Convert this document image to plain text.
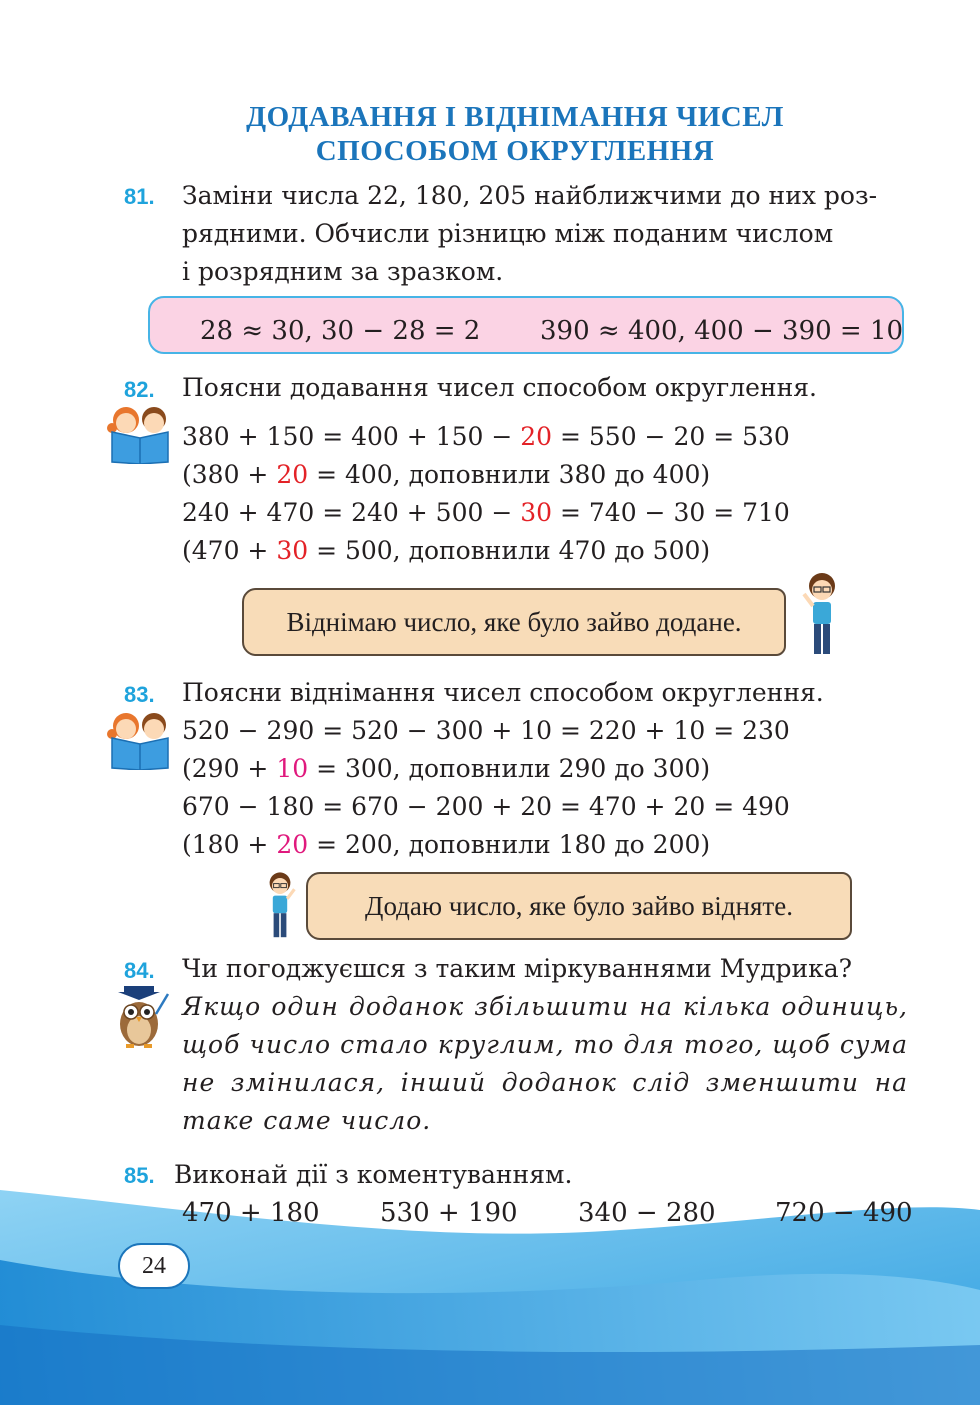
ДОДАВАННЯ І ВІДНІМАННЯ ЧИСЕЛ
СПОСОБОМ ОКРУГЛЕННЯ
81. Заміни числа 22, 180, 205 найближчими до них роз-
рядними. Обчисли різницю між поданим числом
і розрядним за зразком.
28 ≈ 30, 30 − 28 = 2 390 ≈ 400, 400 − 390 = 10
82. Поясни додавання чисел способом округлення.
380 + 150 = 400 + 150 − 20 = 550 − 20 = 530
(380 + 20 = 400, доповнили 380 до 400)
240 + 470 = 240 + 500 − 30 = 740 − 30 = 710
(470 + 30 = 500, доповнили 470 до 500)
Віднімаю число, яке було зайво додане.
83. Поясни віднімання чисел способом округлення.
520 − 290 = 520 − 300 + 10 = 220 + 10 = 230
(290 + 10 = 300, доповнили 290 до 300)
670 − 180 = 670 − 200 + 20 = 470 + 20 = 490
(180 + 20 = 200, доповнили 180 до 200)
Додаю число, яке було зайво відняте.
84. Чи погоджуєшся з таким міркуваннями Мудрика?
Якщо один доданок збільшити на кілька одиниць, щоб число стало круглим, то для того, щоб сума не змінилася, інший доданок слід зменшити на таке саме число.
85. Виконай дії з коментуванням.
470 + 180 530 + 190 340 − 280 720 − 490
24
